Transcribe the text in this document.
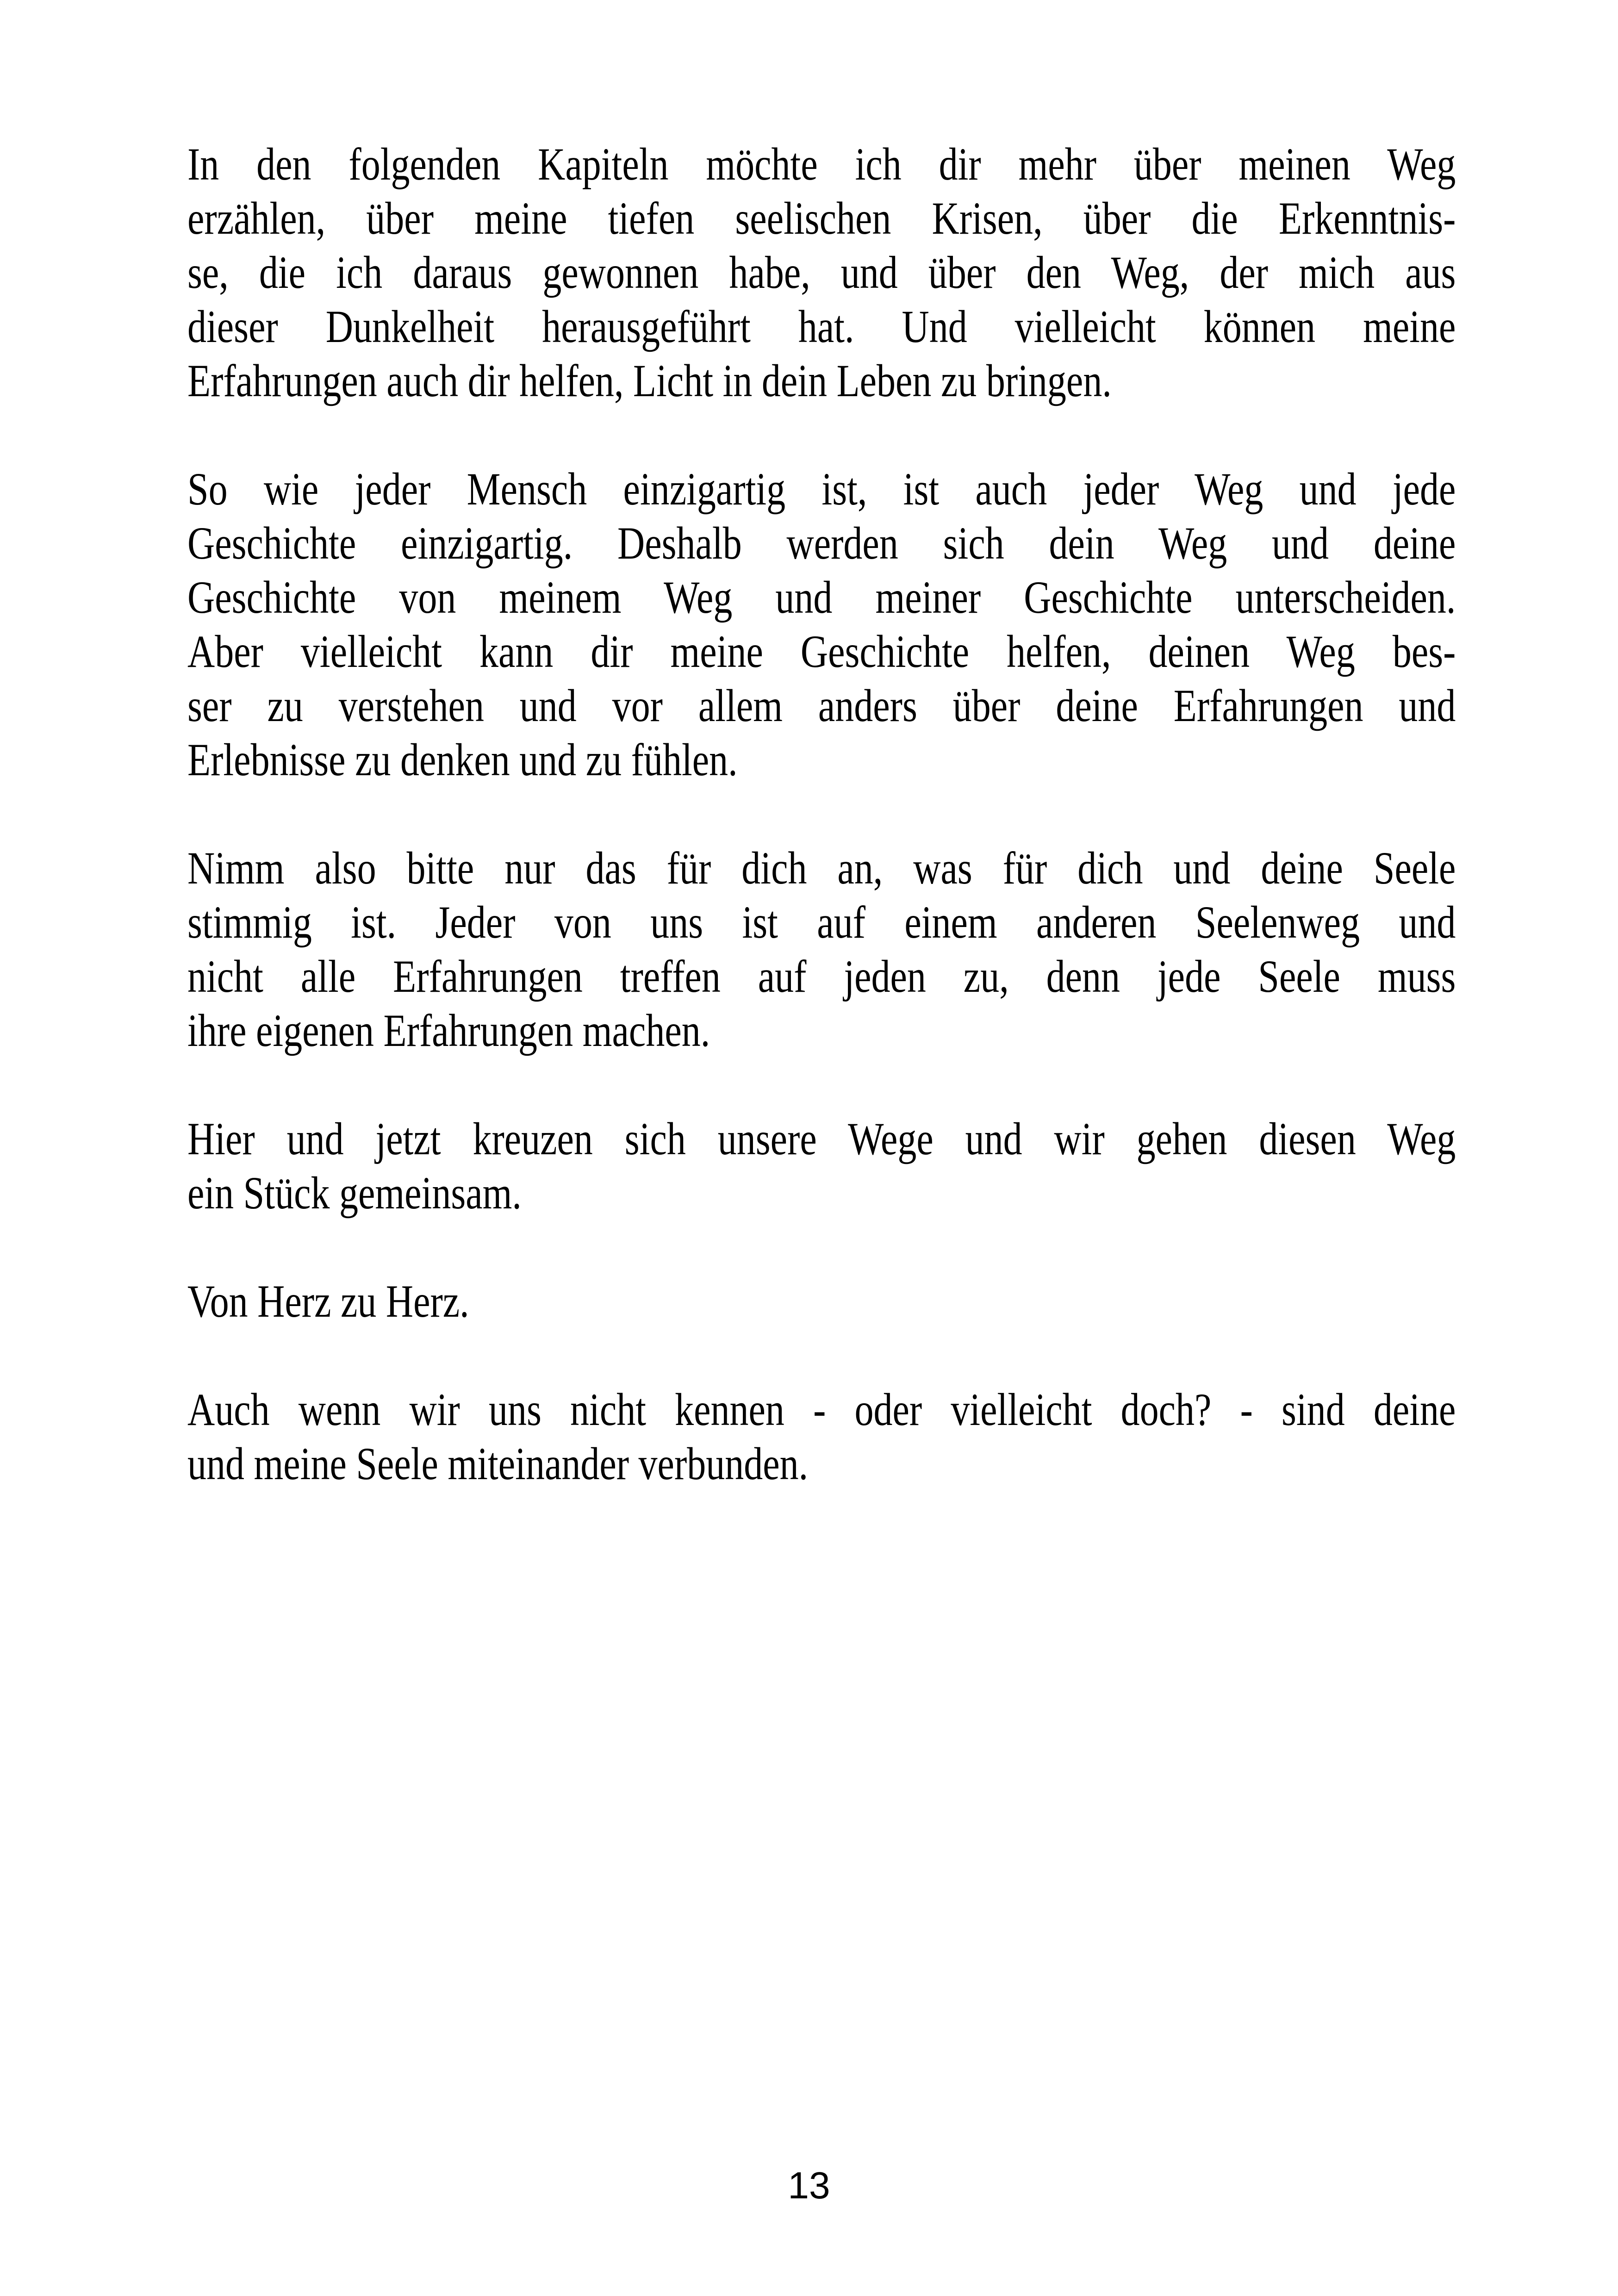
In den folgenden Kapiteln möchte ich dir mehr über meinen Weg
erzählen, über meine tiefen seelischen Krisen, über die Erkenntnis-
se, die ich daraus gewonnen habe, und über den Weg, der mich aus
dieser Dunkelheit herausgeführt hat. Und vielleicht können meine
Erfahrungen auch dir helfen, Licht in dein Leben zu bringen.

So wie jeder Mensch einzigartig ist, ist auch jeder Weg und jede
Geschichte einzigartig. Deshalb werden sich dein Weg und deine
Geschichte von meinem Weg und meiner Geschichte unterscheiden.
Aber vielleicht kann dir meine Geschichte helfen, deinen Weg bes-
ser zu verstehen und vor allem anders über deine Erfahrungen und
Erlebnisse zu denken und zu fühlen.

Nimm also bitte nur das für dich an, was für dich und deine Seele
stimmig ist. Jeder von uns ist auf einem anderen Seelenweg und
nicht alle Erfahrungen treffen auf jeden zu, denn jede Seele muss
ihre eigenen Erfahrungen machen.

Hier und jetzt kreuzen sich unsere Wege und wir gehen diesen Weg
ein Stück gemeinsam.

Von Herz zu Herz.

Auch wenn wir uns nicht kennen - oder vielleicht doch? - sind deine
und meine Seele miteinander verbunden.

13
